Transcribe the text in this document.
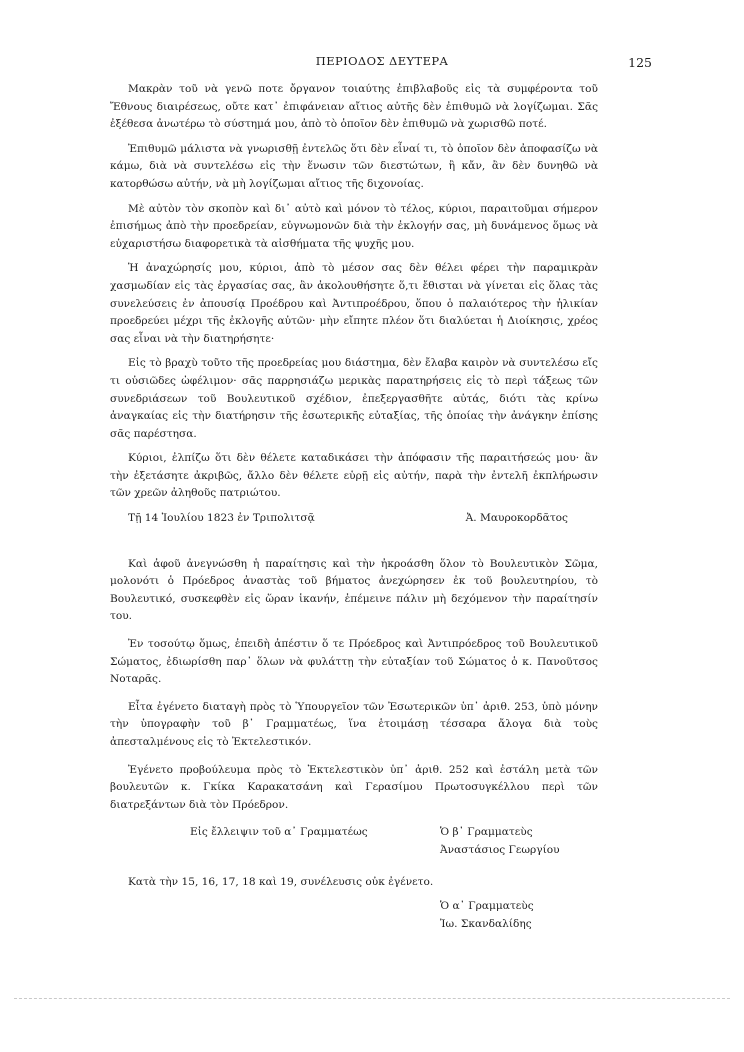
ΠΕΡΙΟΔΟΣ ΔΕΥΤΕΡΑ	125

Μακρὰν τοῦ νὰ γενῶ ποτε ὄργανον τοιαύτης ἐπιβλαβοῦς εἰς τὰ συμφέροντα τοῦ Ἔθνους διαιρέσεως, οὔτε κατ᾽ ἐπιφάνειαν αἴτιος αὐτῆς δὲν ἐπιθυμῶ νὰ λογίζωμαι. Σᾶς ἐξέθεσα ἀνωτέρω τὸ σύστημά μου, ἀπὸ τὸ ὁποῖον δὲν ἐπιθυμῶ νὰ χωρισθῶ ποτέ.

Ἐπιθυμῶ μάλιστα νὰ γνωρισθῇ ἐντελῶς ὅτι δὲν εἶναί τι, τὸ ὁποῖον δὲν ἀποφασίζω νὰ κάμω, διὰ νὰ συντελέσω εἰς τὴν ἕνωσιν τῶν διεστώτων, ἢ κἄν, ἂν δὲν δυνηθῶ νὰ κατορθώσω αὐτήν, νὰ μὴ λογίζωμαι αἴτιος τῆς διχονοίας.

Μὲ αὐτὸν τὸν σκοπὸν καὶ δι᾽ αὐτὸ καὶ μόνον τὸ τέλος, κύριοι, παραιτοῦμαι σήμερον ἐπισήμως ἀπὸ τὴν προεδρείαν, εὐγνωμονῶν διὰ τὴν ἐκλογήν σας, μὴ δυνάμενος ὅμως νὰ εὐχαριστήσω διαφορετικὰ τὰ αἰσθήματα τῆς ψυχῆς μου.

Ἡ ἀναχώρησίς μου, κύριοι, ἀπὸ τὸ μέσον σας δὲν θέλει φέρει τὴν παραμικρὰν χασμωδίαν εἰς τὰς ἐργασίας σας, ἂν ἀκολουθήσητε ὅ,τι ἔθισται νὰ γίνεται εἰς ὅλας τὰς συνελεύσεις ἐν ἀπουσίᾳ Προέδρου καὶ Ἀντιπροέδρου, ὅπου ὁ παλαιότερος τὴν ἡλικίαν προεδρεύει μέχρι τῆς ἐκλογῆς αὐτῶν· μὴν εἴπητε πλέον ὅτι διαλύεται ἡ Διοίκησις, χρέος σας εἶναι νὰ τὴν διατηρήσητε·

Εἰς τὸ βραχὺ τοῦτο τῆς προεδρείας μου διάστημα, δὲν ἔλαβα καιρὸν νὰ συντελέσω εἴς τι οὐσιῶδες ὠφέλιμον· σᾶς παρρησιάζω μερικὰς παρατηρήσεις εἰς τὸ περὶ τάξεως τῶν συνεδριάσεων τοῦ Βουλευτικοῦ σχέδιον, ἐπεξεργασθῆτε αὐτάς, διότι τὰς κρίνω ἀναγκαίας εἰς τὴν διατήρησιν τῆς ἐσωτερικῆς εὐταξίας, τῆς ὁποίας τὴν ἀνάγκην ἐπίσης σᾶς παρέστησα.

Κύριοι, ἐλπίζω ὅτι δὲν θέλετε καταδικάσει τὴν ἀπόφασιν τῆς παραιτήσεώς μου· ἂν τὴν ἐξετάσητε ἀκριβῶς, ἄλλο δὲν θέλετε εὑρῇ εἰς αὐτήν, παρὰ τὴν ἐντελῆ ἐκπλήρωσιν τῶν χρεῶν ἀληθοῦς πατριώτου.

Τῇ 14 Ἰουλίου 1823 ἐν Τριπολιτσᾷ	Ἀ. Μαυροκορδᾶτος

Καὶ ἀφοῦ ἀνεγνώσθη ἡ παραίτησις καὶ τὴν ἠκροάσθη ὅλον τὸ Βουλευτικὸν Σῶμα, μολονότι ὁ Πρόεδρος ἀναστὰς τοῦ βήματος ἀνεχώρησεν ἐκ τοῦ βουλευτηρίου, τὸ Βουλευτικό, συσκεφθὲν εἰς ὥραν ἱκανήν, ἐπέμεινε πάλιν μὴ δεχόμενον τὴν παραίτησίν του.

Ἐν τοσούτῳ ὅμως, ἐπειδὴ ἀπέστιν ὅ τε Πρόεδρος καὶ Ἀντιπρόεδρος τοῦ Βουλευτικοῦ Σώματος, ἐδιωρίσθη παρ᾽ ὅλων νὰ φυλάττῃ τὴν εὐταξίαν τοῦ Σώματος ὁ κ. Πανοῦτσος Νοταρᾶς.

Εἶτα ἐγένετο διαταγὴ πρὸς τὸ Ὑπουργεῖον τῶν Ἐσωτερικῶν ὑπ᾽ ἀριθ. 253, ὑπὸ μόνην τὴν ὑπογραφὴν τοῦ β᾽ Γραμματέως, ἵνα ἑτοιμάσῃ τέσσαρα ἄλογα διὰ τοὺς ἀπεσταλμένους εἰς τὸ Ἐκτελεστικόν.

Ἐγένετο προβούλευμα πρὸς τὸ Ἐκτελεστικὸν ὑπ᾽ ἀριθ. 252 καὶ ἐστάλη μετὰ τῶν βουλευτῶν κ. Γκίκα Καρακατσάνη καὶ Γερασίμου Πρωτοσυγκέλλου περὶ τῶν διατρεξάντων διὰ τὸν Πρόεδρον.

Εἰς ἔλλειψιν τοῦ α᾽ Γραμματέως	Ὁ β᾽ Γραμματεὺς
Ἀναστάσιος Γεωργίου

Κατὰ τὴν 15, 16, 17, 18 καὶ 19, συνέλευσις οὐκ ἐγένετο.

Ὁ α᾽ Γραμματεὺς
Ἰω. Σκανδαλίδης
